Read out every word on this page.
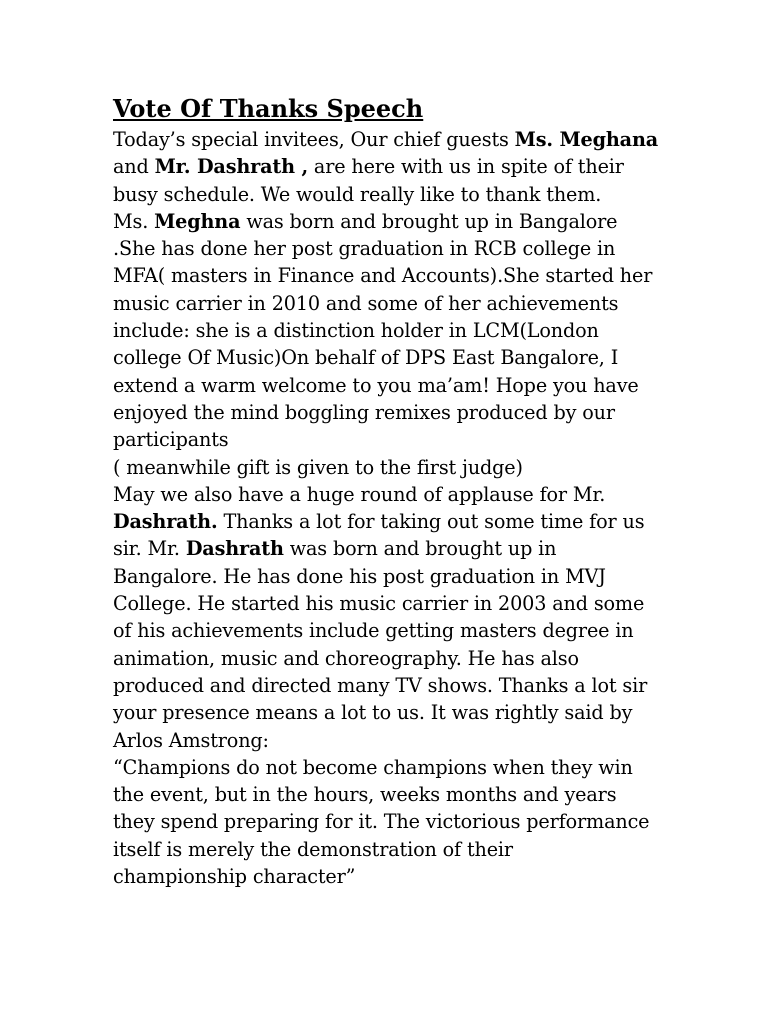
Vote Of Thanks Speech
Today’s special invitees, Our chief guests Ms. Meghana
and Mr. Dashrath , are here with us in spite of their
busy schedule. We would really like to thank them.
Ms. Meghna was born and brought up in Bangalore
.She has done her post graduation in RCB college in
MFA( masters in Finance and Accounts).She started her
music carrier in 2010 and some of her achievements
include: she is a distinction holder in LCM(London
college Of Music)On behalf of DPS East Bangalore, I
extend a warm welcome to you ma’am! Hope you have
enjoyed the mind boggling remixes produced by our
participants
( meanwhile gift is given to the first judge)
May we also have a huge round of applause for Mr.
Dashrath. Thanks a lot for taking out some time for us
sir. Mr. Dashrath was born and brought up in
Bangalore. He has done his post graduation in MVJ
College. He started his music carrier in 2003 and some
of his achievements include getting masters degree in
animation, music and choreography. He has also
produced and directed many TV shows. Thanks a lot sir
your presence means a lot to us. It was rightly said by
Arlos Amstrong:
“Champions do not become champions when they win
the event, but in the hours, weeks months and years
they spend preparing for it. The victorious performance
itself is merely the demonstration of their
championship character”
